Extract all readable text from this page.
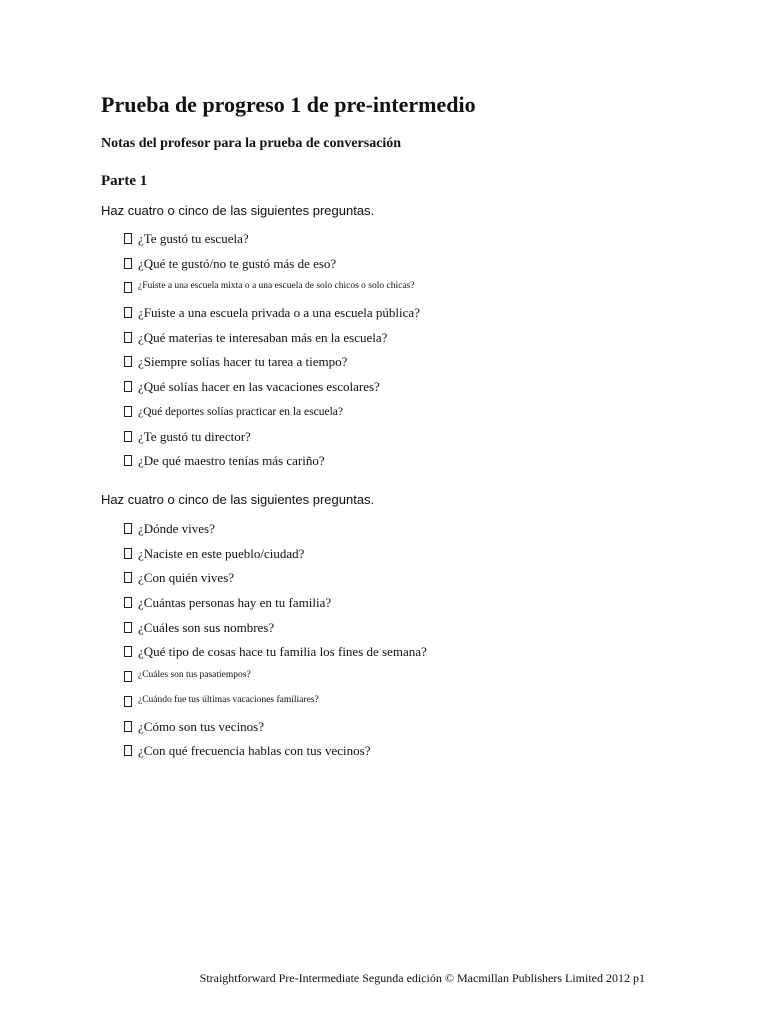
Prueba de progreso 1 de pre-intermedio
Notas del profesor para la prueba de conversación
Parte 1
Haz cuatro o cinco de las siguientes preguntas.
¿Te gustó tu escuela?
¿Qué te gustó/no te gustó más de eso?
¿Fuiste a una escuela mixta o a una escuela de solo chicos o solo chicas?
¿Fuiste a una escuela privada o a una escuela pública?
¿Qué materias te interesaban más en la escuela?
¿Siempre solías hacer tu tarea a tiempo?
¿Qué solías hacer en las vacaciones escolares?
¿Qué deportes solías practicar en la escuela?
¿Te gustó tu director?
¿De qué maestro tenías más cariño?
Haz cuatro o cinco de las siguientes preguntas.
¿Dónde vives?
¿Naciste en este pueblo/ciudad?
¿Con quién vives?
¿Cuántas personas hay en tu familia?
¿Cuáles son sus nombres?
¿Qué tipo de cosas hace tu familia los fines de semana?
¿Cuáles son tus pasatiempos?
¿Cuándo fue tus últimas vacaciones familiares?
¿Cómo son tus vecinos?
¿Con qué frecuencia hablas con tus vecinos?
Straightforward Pre-Intermediate Segunda edición © Macmillan Publishers Limited 2012 p1
